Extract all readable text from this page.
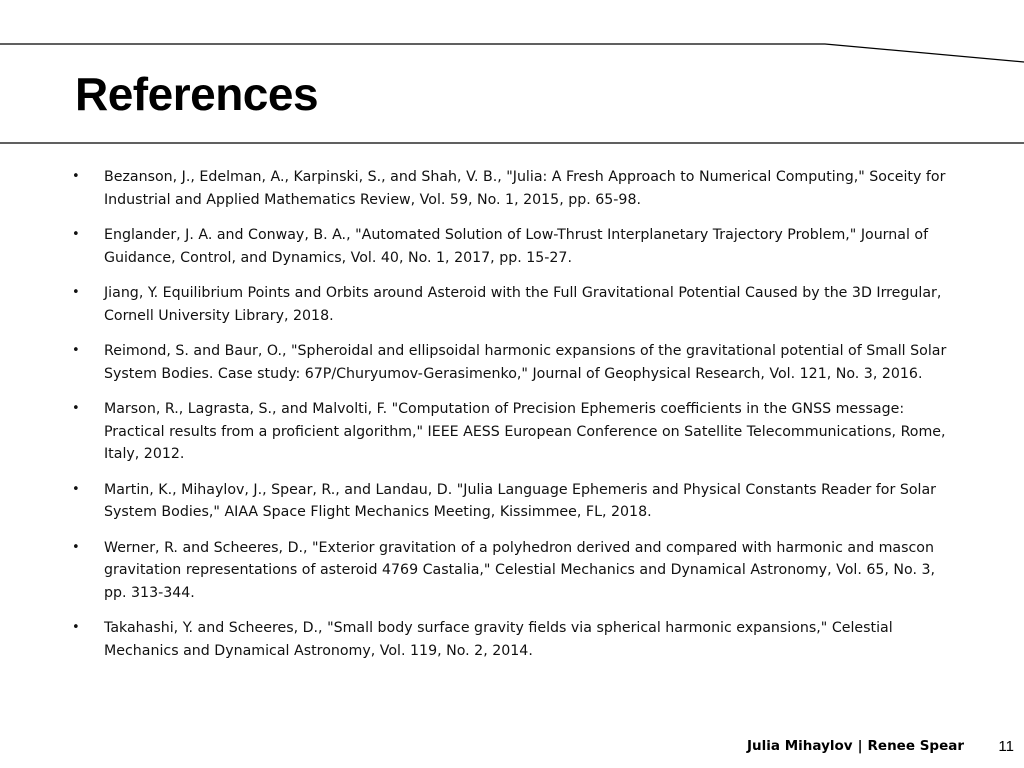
References
• Bezanson, J., Edelman, A., Karpinski, S., and Shah, V. B., "Julia: A Fresh Approach to Numerical Computing," Soceity for Industrial and Applied Mathematics Review, Vol. 59, No. 1, 2015, pp. 65-98.
• Englander, J. A. and Conway, B. A., "Automated Solution of Low-Thrust Interplanetary Trajectory Problem," Journal of Guidance, Control, and Dynamics, Vol. 40, No. 1, 2017, pp. 15-27.
• Jiang, Y. Equilibrium Points and Orbits around Asteroid with the Full Gravitational Potential Caused by the 3D Irregular, Cornell University Library, 2018.
• Reimond, S. and Baur, O., "Spheroidal and ellipsoidal harmonic expansions of the gravitational potential of Small Solar System Bodies. Case study: 67P/Churyumov-Gerasimenko," Journal of Geophysical Research, Vol. 121, No. 3, 2016.
• Marson, R., Lagrasta, S., and Malvolti, F. "Computation of Precision Ephemeris coefficients in the GNSS message: Practical results from a proficient algorithm," IEEE AESS European Conference on Satellite Telecommunications, Rome, Italy, 2012.
• Martin, K., Mihaylov, J., Spear, R., and Landau, D. "Julia Language Ephemeris and Physical Constants Reader for Solar System Bodies," AIAA Space Flight Mechanics Meeting, Kissimmee, FL, 2018.
• Werner, R. and Scheeres, D., "Exterior gravitation of a polyhedron derived and compared with harmonic and mascon gravitation representations of asteroid 4769 Castalia," Celestial Mechanics and Dynamical Astronomy, Vol. 65, No. 3, pp. 313-344.
• Takahashi, Y. and Scheeres, D., "Small body surface gravity fields via spherical harmonic expansions," Celestial Mechanics and Dynamical Astronomy, Vol. 119, No. 2, 2014.
Julia Mihaylov | Renee Spear 11
